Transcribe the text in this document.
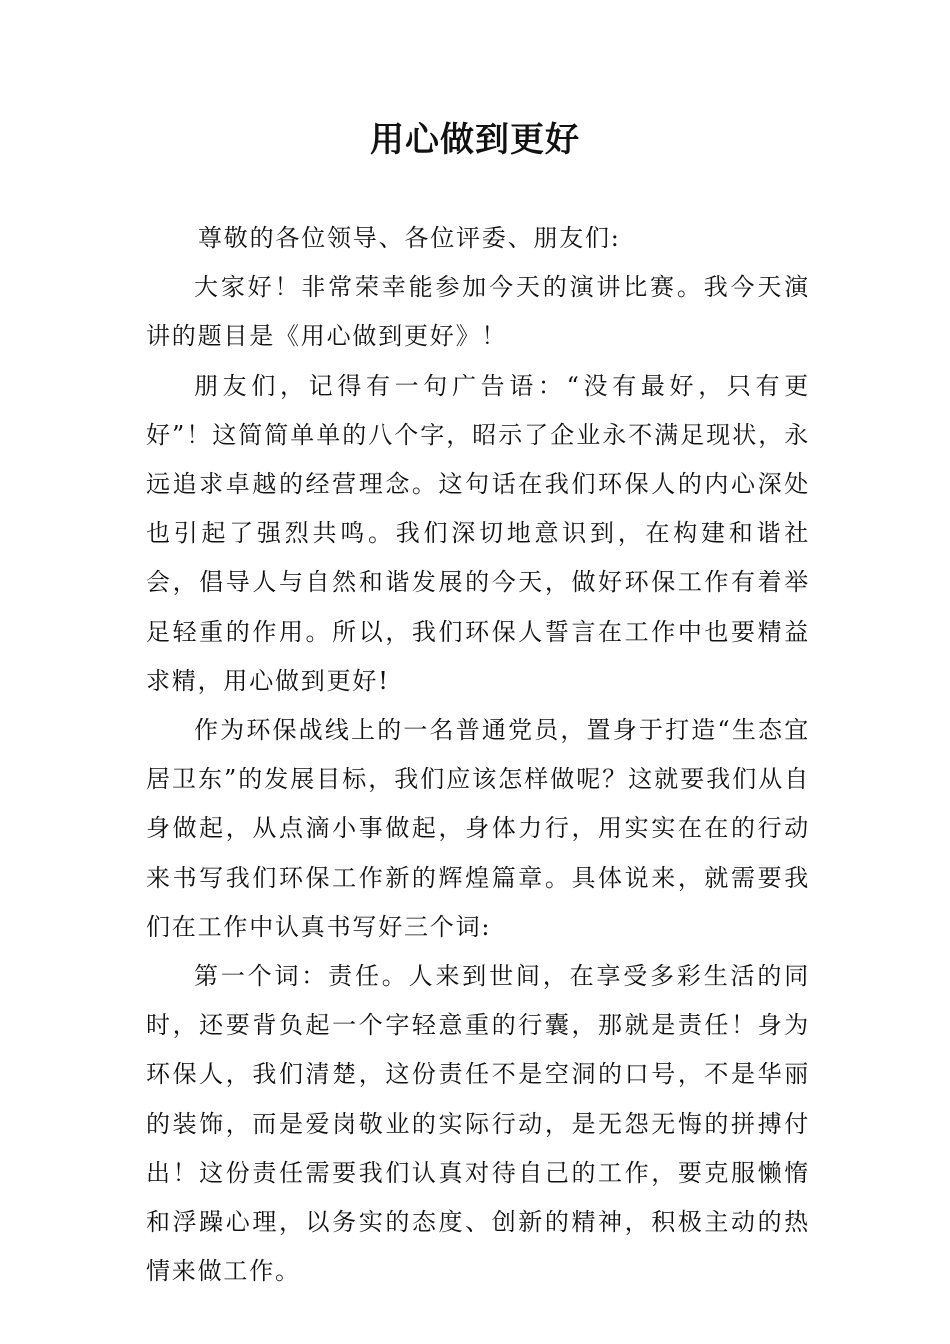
用心做到更好

尊敬的各位领导、各位评委、朋友们:

大家好！非常荣幸能参加今天的演讲比赛。我今天演讲的题目是《用心做到更好》！

朋友们，记得有一句广告语：“没有最好，只有更好”！这简简单单的八个字，昭示了企业永不满足现状，永远追求卓越的经营理念。这句话在我们环保人的内心深处也引起了强烈共鸣。我们深切地意识到，在构建和谐社会，倡导人与自然和谐发展的今天，做好环保工作有着举足轻重的作用。所以，我们环保人誓言在工作中也要精益求精，用心做到更好!

作为环保战线上的一名普通党员，置身于打造“生态宜居卫东”的发展目标，我们应该怎样做呢？这就要我们从自身做起，从点滴小事做起，身体力行，用实实在在的行动来书写我们环保工作新的辉煌篇章。具体说来，就需要我们在工作中认真书写好三个词:

第一个词：责任。人来到世间，在享受多彩生活的同时，还要背负起一个字轻意重的行囊，那就是责任！身为环保人，我们清楚，这份责任不是空洞的口号，不是华丽的装饰，而是爱岗敬业的实际行动，是无怨无悔的拼搏付出！这份责任需要我们认真对待自己的工作，要克服懒惰和浮躁心理，以务实的态度、创新的精神，积极主动的热情来做工作。
